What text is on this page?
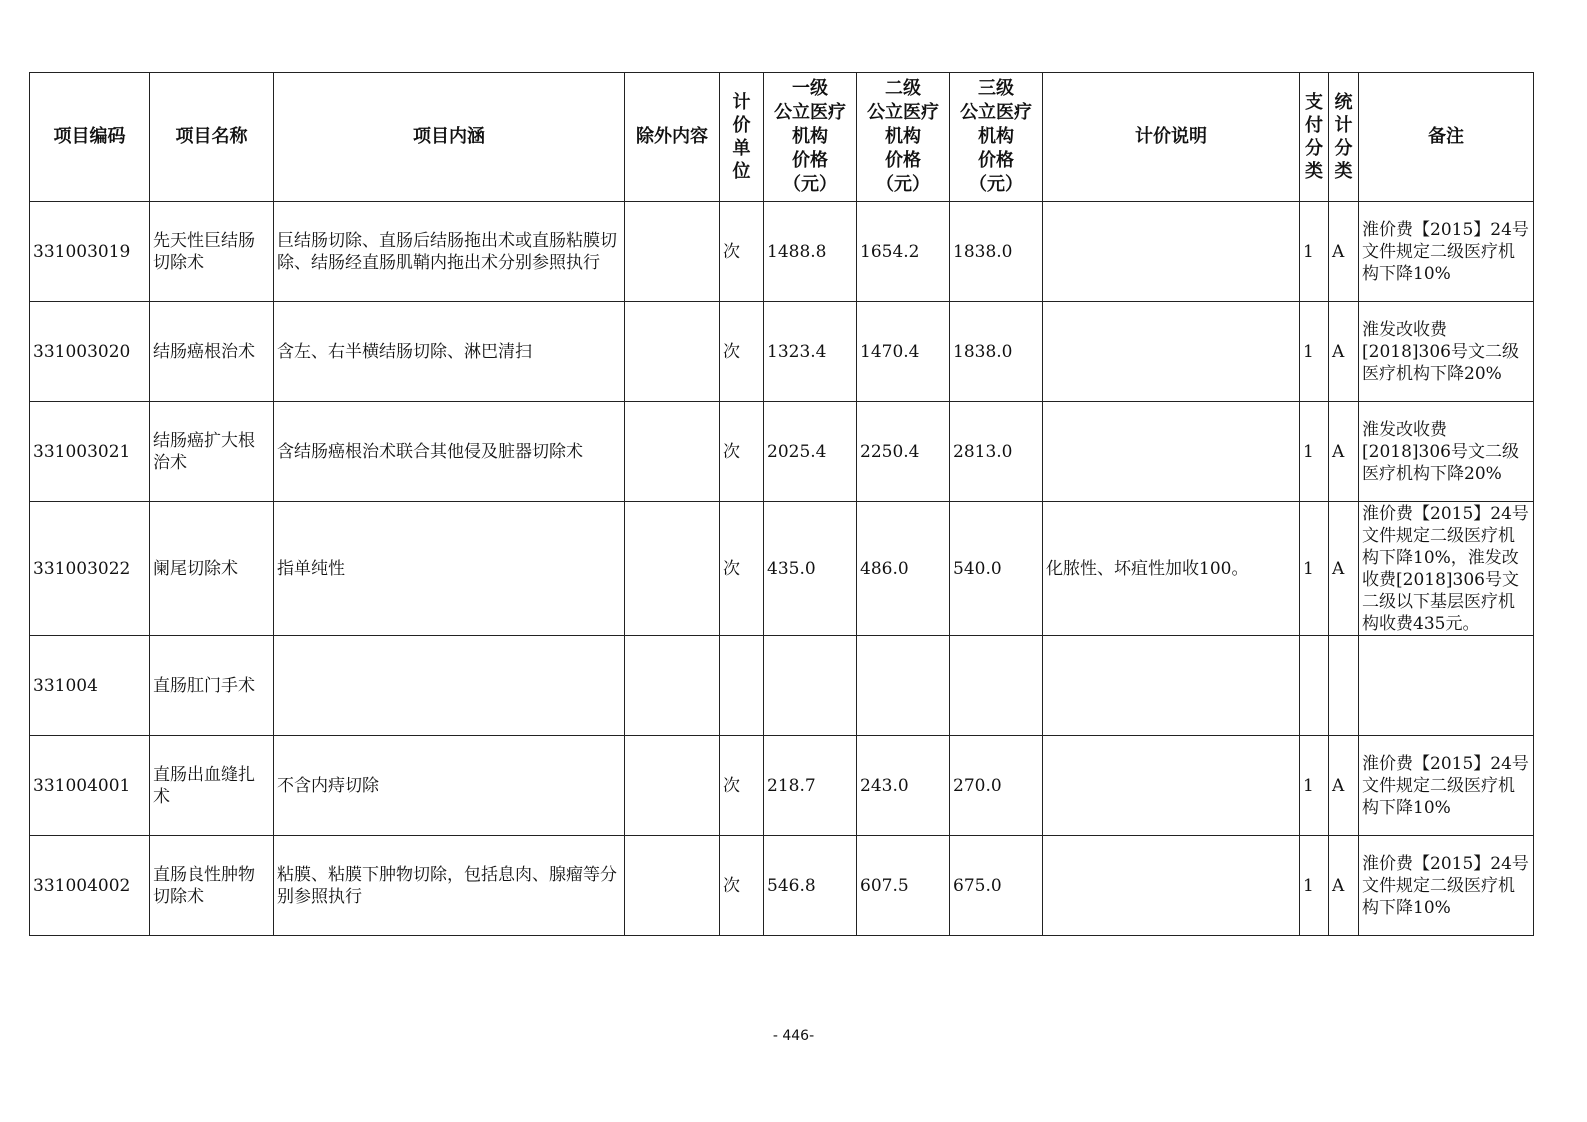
项目编码	项目名称	项目内涵	除外内容	计
价
单
位	一级
公立医疗
机构
价格
（元）	二级
公立医疗
机构
价格
（元）	三级
公立医疗
机构
价格
（元）	计价说明	支
付
分
类	统
计
分
类	备注

331003019	先天性巨结肠切除术	巨结肠切除、直肠后结肠拖出术或直肠粘膜切除、结肠经直肠肌鞘内拖出术分别参照执行		次	1488.8	1654.2	1838.0		1	A	淮价费【2015】24号文件规定二级医疗机构下降10%
331003020	结肠癌根治术	含左、右半横结肠切除、淋巴清扫		次	1323.4	1470.4	1838.0		1	A	淮发改收费[2018]306号文二级医疗机构下降20%
331003021	结肠癌扩大根治术	含结肠癌根治术联合其他侵及脏器切除术		次	2025.4	2250.4	2813.0		1	A	淮发改收费[2018]306号文二级医疗机构下降20%
331003022	阑尾切除术	指单纯性		次	435.0	486.0	540.0	化脓性、坏疽性加收100。	1	A	淮价费【2015】24号文件规定二级医疗机构下降10%，淮发改收费[2018]306号文二级以下基层医疗机构收费435元。
331004	直肠肛门手术										
331004001	直肠出血缝扎术	不含内痔切除		次	218.7	243.0	270.0		1	A	淮价费【2015】24号文件规定二级医疗机构下降10%
331004002	直肠良性肿物切除术	粘膜、粘膜下肿物切除，包括息肉、腺瘤等分别参照执行		次	546.8	607.5	675.0		1	A	淮价费【2015】24号文件规定二级医疗机构下降10%
- 446-
